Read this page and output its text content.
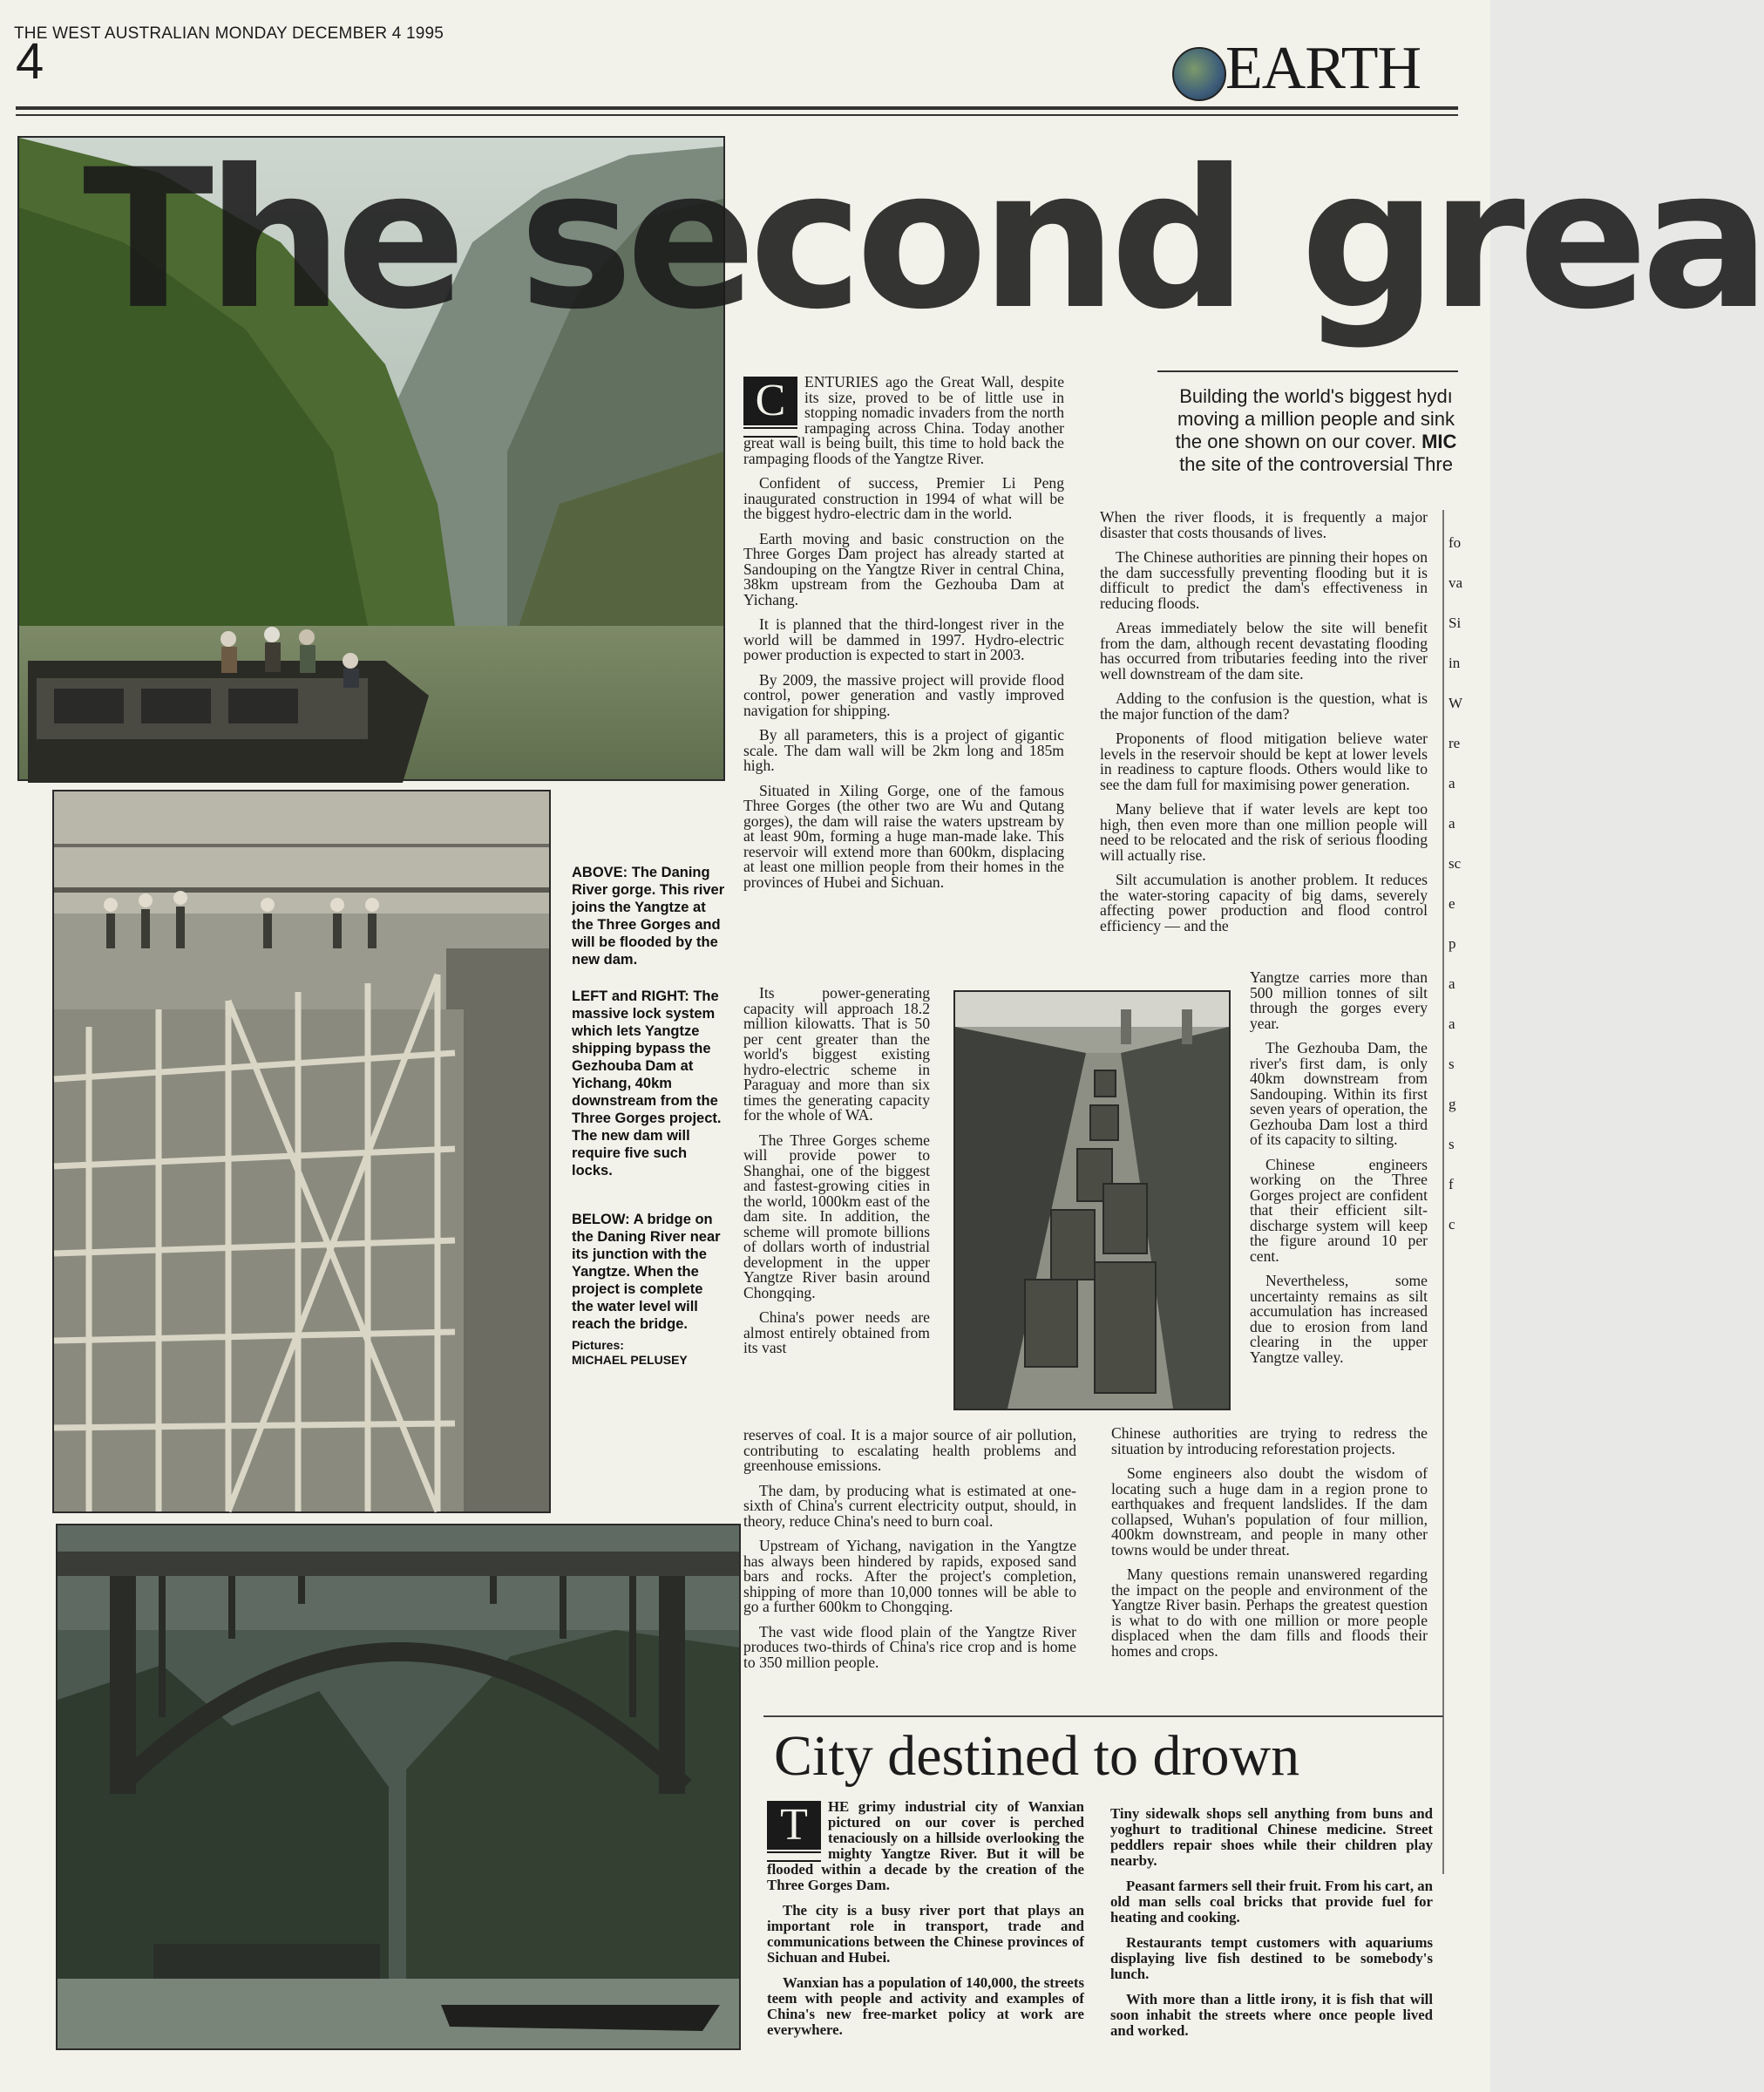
THE WEST AUSTRALIAN MONDAY DECEMBER 4 1995
4	EARTH
The second grea
Building the world's biggest hydı
moving a million people and sink
the one shown on our cover. MIC
the site of the controversial Thre

ABOVE: The Daning River gorge. This river joins the Yangtze at the Three Gorges and will be flooded by the new dam.

LEFT and RIGHT: The massive lock system which lets Yangtze shipping bypass the Gezhouba Dam at Yichang, 40km downstream from the Three Gorges project. The new dam will require five such locks.

BELOW: A bridge on the Daning River near its junction with the Yangtze. When the project is complete the water level will reach the bridge.

Pictures:
MICHAEL PELUSEY
C	ENTURIES ago the Great Wall, despite its size, proved to be of little use in stopping nomadic invaders from the north rampaging across China. Today another great wall is being built, this time to hold back the rampaging floods of the Yangtze River.

Confident of success, Premier Li Peng inaugurated construction in 1994 of what will be the biggest hydro-electric dam in the world.

Earth moving and basic construction on the Three Gorges Dam project has already started at Sandouping on the Yangtze River in central China, 38km upstream from the Gezhouba Dam at Yichang.

It is planned that the third-longest river in the world will be dammed in 1997. Hydro-electric power production is expected to start in 2003.

By 2009, the massive project will provide flood control, power generation and vastly improved navigation for shipping.

By all parameters, this is a project of gigantic scale. The dam wall will be 2km long and 185m high.

Situated in Xiling Gorge, one of the famous Three Gorges (the other two are Wu and Qutang gorges), the dam will raise the waters upstream by at least 90m, forming a huge man-made lake. This reservoir will extend more than 600km, displacing at least one million people from their homes in the provinces of Hubei and Sichuan.

Its power-generating capacity will approach 18.2 million kilowatts. That is 50 per cent greater than the world's biggest existing hydro-electric scheme in Paraguay and more than six times the generating capacity for the whole of WA.

The Three Gorges scheme will provide power to Shanghai, one of the biggest and fastest-growing cities in the world, 1000km east of the dam site. In addition, the scheme will promote billions of dollars worth of industrial development in the upper Yangtze River basin around Chongqing.

China's power needs are almost entirely obtained from its vast

reserves of coal. It is a major source of air pollution, contributing to escalating health problems and greenhouse emissions.

The dam, by producing what is estimated at one-sixth of China's current electricity output, should, in theory, reduce China's need to burn coal.

Upstream of Yichang, navigation in the Yangtze has always been hindered by rapids, exposed sand bars and rocks. After the project's completion, shipping of more than 10,000 tonnes will be able to go a further 600km to Chongqing.

The vast wide flood plain of the Yangtze River produces two-thirds of China's rice crop and is home to 350 million people.

When the river floods, it is frequently a major disaster that costs thousands of lives.

The Chinese authorities are pinning their hopes on the dam successfully preventing flooding but it is difficult to predict the dam's effectiveness in reducing floods.

Areas immediately below the site will benefit from the dam, although recent devastating flooding has occurred from tributaries feeding into the river well downstream of the dam site.

Adding to the confusion is the question, what is the major function of the dam?

Proponents of flood mitigation believe water levels in the reservoir should be kept at lower levels in readiness to capture floods. Others would like to see the dam full for maximising power generation.

Many believe that if water levels are kept too high, then even more than one million people will need to be relocated and the risk of serious flooding will actually rise.

Silt accumulation is another problem. It reduces the water-storing capacity of big dams, severely affecting power production and flood control efficiency — and the

Yangtze carries more than 500 million tonnes of silt through the gorges every year.

The Gezhouba Dam, the river's first dam, is only 40km downstream from Sandouping. Within its first seven years of operation, the Gezhouba Dam lost a third of its capacity to silting.

Chinese engineers working on the Three Gorges project are confident that their efficient silt-discharge system will keep the figure around 10 per cent.

Nevertheless, some uncertainty remains as silt accumulation has increased due to erosion from land clearing in the upper Yangtze valley.

Chinese authorities are trying to redress the situation by introducing reforestation projects.

Some engineers also doubt the wisdom of locating such a huge dam in a region prone to earthquakes and frequent landslides. If the dam collapsed, Wuhan's population of four million, 400km downstream, and people in many other towns would be under threat.

Many questions remain unanswered regarding the impact on the people and environment of the Yangtze River basin. Perhaps the greatest question is what to do with one million or more people displaced when the dam fills and floods their homes and crops.

fo
va
Si
in
W
re
a
a
sc
e
p
a
a
s
g
s
f
c
City destined to drown
T	HE grimy industrial city of Wanxian pictured on our cover is perched tenaciously on a hillside overlooking the mighty Yangtze River. But it will be flooded within a decade by the creation of the Three Gorges Dam.

The city is a busy river port that plays an important role in transport, trade and communications between the Chinese provinces of Sichuan and Hubei.

Wanxian has a population of 140,000, the streets teem with people and activity and examples of China's new free-market policy at work are everywhere.

Tiny sidewalk shops sell anything from buns and yoghurt to traditional Chinese medicine. Street peddlers repair shoes while their children play nearby.

Peasant farmers sell their fruit. From his cart, an old man sells coal bricks that provide fuel for heating and cooking.

Restaurants tempt customers with aquariums displaying live fish destined to be somebody's lunch.

With more than a little irony, it is fish that will soon inhabit the streets where once people lived and worked.
